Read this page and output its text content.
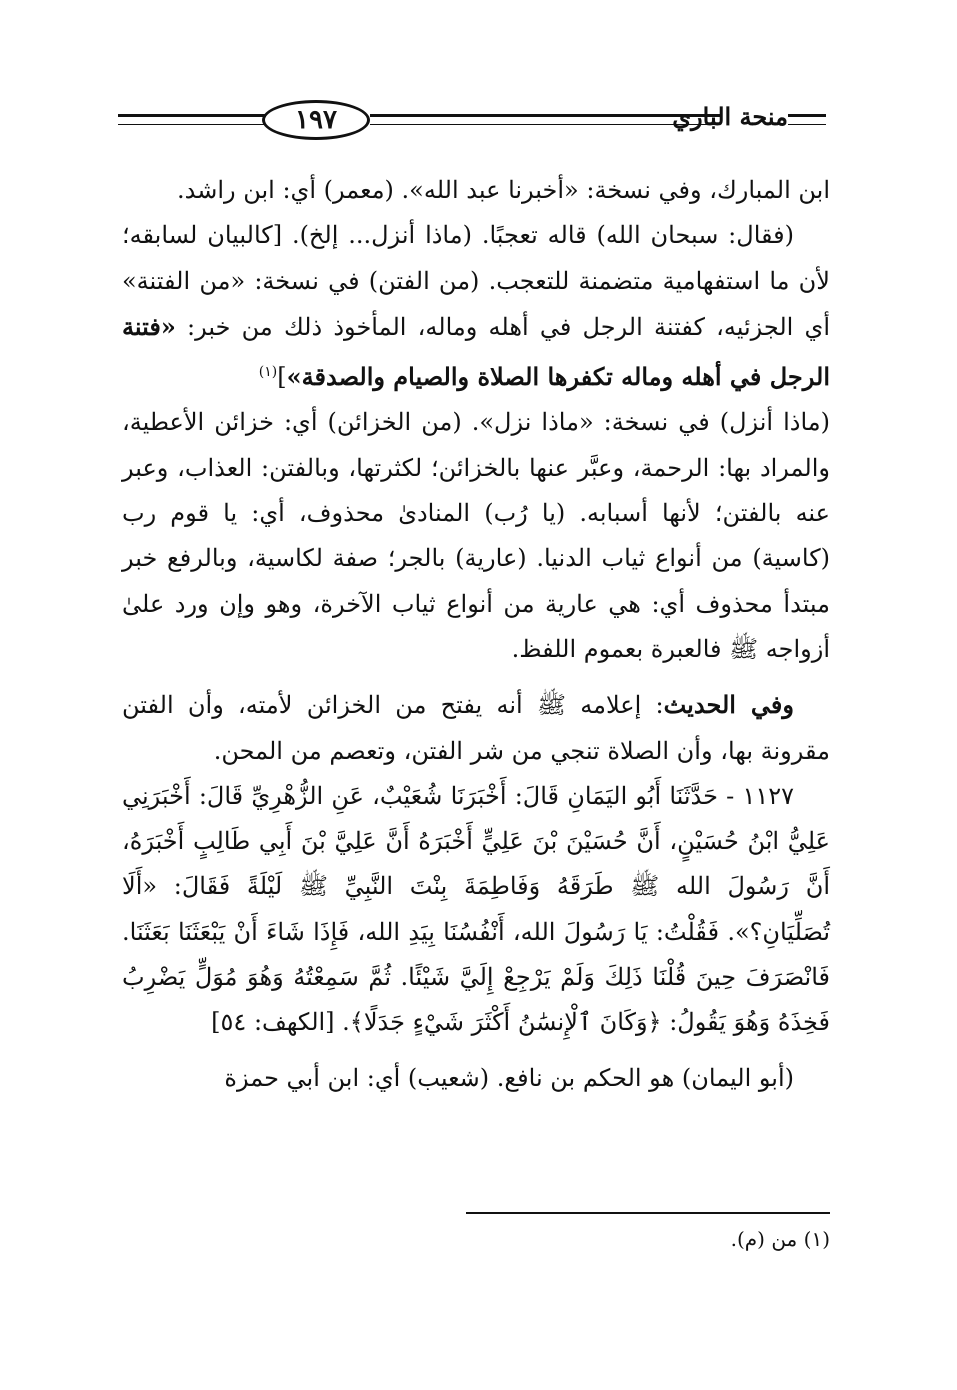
١٩٧	منحة الباري

ابن المبارك، وفي نسخة: «أخبرنا عبد الله». (معمر) أي: ابن راشد.

(فقال: سبحان الله) قاله تعجبًا. (ماذا أنزل... إلخ). [كالبيان لسابقه؛ لأن ما استفهامية متضمنة للتعجب. (من الفتن) في نسخة: «من الفتنة» أي الجزئيه، كفتنة الرجل في أهله وماله، المأخوذ ذلك من خبر: «فتنة الرجل في أهله وماله تكفرها الصلاة والصيام والصدقة»]$^{(١)}$

(ماذا أنزل) في نسخة: «ماذا نزل». (من الخزائن) أي: خزائن الأعطية، والمراد بها: الرحمة، وعبَّر عنها بالخزائن؛ لكثرتها، وبالفتن: العذاب، وعبر عنه بالفتن؛ لأنها أسبابه. (يا رُب) المنادىٰ محذوف، أي: يا قوم رب (كاسية) من أنواع ثياب الدنيا. (عارية) بالجر؛ صفة لكاسية، وبالرفع خبر مبتدأ محذوف أي: هي عارية من أنواع ثياب الآخرة، وهو وإن ورد علىٰ أزواجه ﷺ فالعبرة بعموم اللفظ.

وفي الحديث: إعلامه ﷺ أنه يفتح من الخزائن لأمته، وأن الفتن مقرونة بها، وأن الصلاة تنجي من شر الفتن، وتعصم من المحن.

١١٢٧ - حَدَّثَنَا أَبُو اليَمَانِ قَالَ: أَخْبَرَنَا شُعَيْبٌ، عَنِ الزُّهْرِيِّ قَالَ: أَخْبَرَنِي عَلِيُّ ابْنُ حُسَيْنٍ، أَنَّ حُسَيْنَ بْنَ عَلِيٍّ أَخْبَرَهُ أَنَّ عَلِيَّ بْنَ أَبِي طَالِبٍ أَخْبَرَهُ، أَنَّ رَسُولَ الله ﷺ طَرَقَهُ وَفَاطِمَةَ بِنْتَ النَّبِيِّ ﷺ لَيْلَةً فَقَالَ: «أَلَا تُصَلِّيَانِ؟». فَقُلْتُ: يَا رَسُولَ الله، أَنْفُسُنَا بِيَدِ الله، فَإِذَا شَاءَ أَنْ يَبْعَثَنَا بَعَثَنَا. فَانْصَرَفَ حِينَ قُلْنَا ذَلِكَ وَلَمْ يَرْجِعْ إِلَيَّ شَيْئًا. ثُمَّ سَمِعْتُهُ وَهُوَ مُوَلٍّ يَضْرِبُ فَخِذَهُ وَهُوَ يَقُولُ: ﴿وَكَانَ ٱلْإِنسَٰنُ أَكْثَرَ شَيْءٍ جَدَلًا﴾. [الكهف: ٥٤]

(أبو اليمان) هو الحكم بن نافع. (شعيب) أي: ابن أبي حمزة

(١) من (م).
